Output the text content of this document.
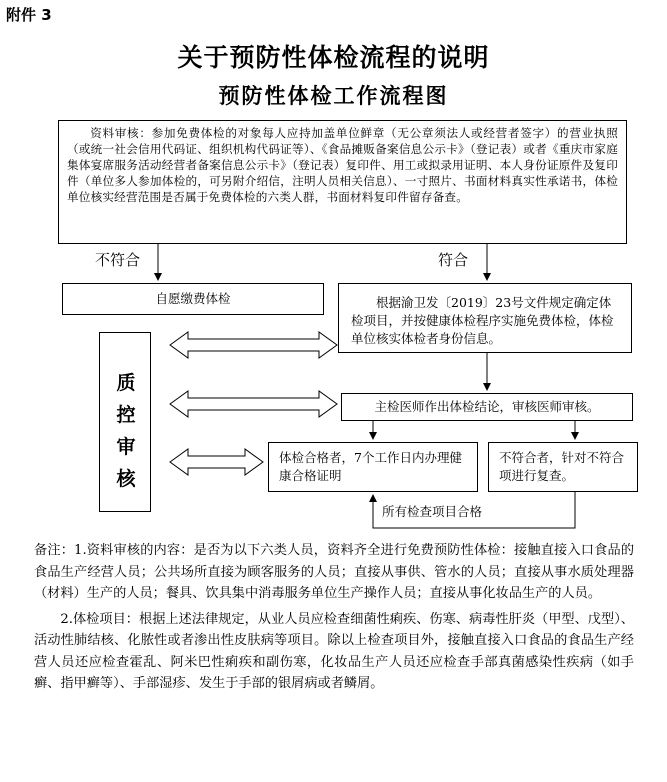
附件 3
关于预防性体检流程的说明
预防性体检工作流程图
资料审核：参加免费体检的对象每人应持加盖单位鲜章（无公章须法人或经营者签字）的营业执照（或统一社会信用代码证、组织机构代码证等）、《食品摊贩备案信息公示卡》（登记表）或者《重庆市家庭集体宴席服务活动经营者备案信息公示卡》（登记表）复印件、用工或拟录用证明、本人身份证原件及复印件（单位多人参加体检的，可另附介绍信，注明人员相关信息）、一寸照片、书面材料真实性承诺书，体检单位核实经营范围是否属于免费体检的六类人群，书面材料复印件留存备查。
不符合	符合
自愿缴费体检	根据渝卫发〔2019〕23号文件规定确定体检项目，并按健康体检程序实施免费体检，体检单位核实体检者身份信息。
质
控
审
核
主检医师作出体检结论，审核医师审核。
体检合格者，7个工作日内办理健康合格证明
不符合者，针对不符合项进行复查。
所有检查项目合格

备注：1.资料审核的内容：是否为以下六类人员，资料齐全进行免费预防性体检：接触直接入口食品的食品生产经营人员；公共场所直接为顾客服务的人员；直接从事供、管水的人员；直接从事水质处理器（材料）生产的人员；餐具、饮具集中消毒服务单位生产操作人员；直接从事化妆品生产的人员。

2.体检项目：根据上述法律规定，从业人员应检查细菌性痢疾、伤寒、病毒性肝炎（甲型、戊型）、活动性肺结核、化脓性或者渗出性皮肤病等项目。除以上检查项目外，接触直接入口食品的食品生产经营人员还应检查霍乱、阿米巴性痢疾和副伤寒，化妆品生产人员还应检查手部真菌感染性疾病（如手癣、指甲癣等）、手部湿疹、发生于手部的银屑病或者鳞屑。
